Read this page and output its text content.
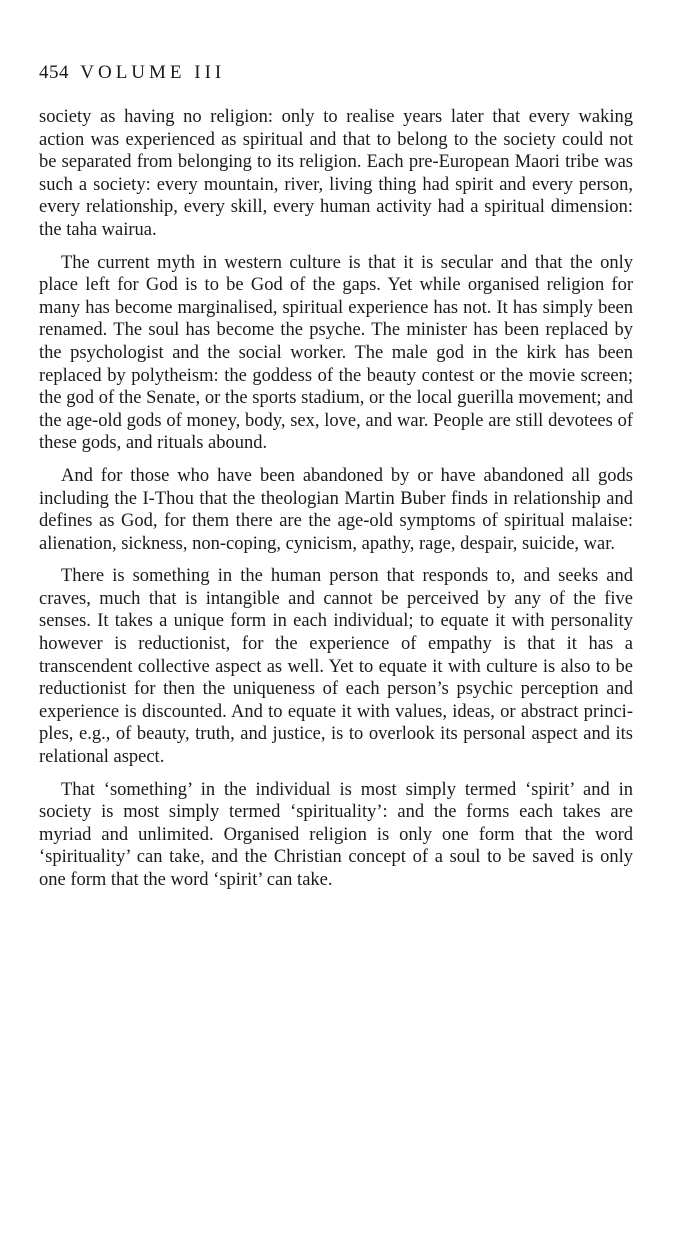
454 VOLUME III

society as having no religion: only to realise years later that every waking action was experienced as spiritual and that to belong to the society could not be separated from belonging to its religion. Each pre-European Maori tribe was such a society: every mountain, river, living thing had spirit and every person, every relationship, every skill, every human activity had a spiritual dimension: the taha wairua.

The current myth in western culture is that it is secular and that the only place left for God is to be God of the gaps. Yet while organised religion for many has become marginalised, spiritual experience has not. It has simply been renamed. The soul has become the psyche. The minister has been replaced by the psychologist and the social worker. The male god in the kirk has been replaced by polytheism: the goddess of the beauty contest or the movie screen; the god of the Senate, or the sports stadium, or the local guerilla movement; and the age-old gods of money, body, sex, love, and war. People are still devotees of these gods, and rituals abound.

And for those who have been abandoned by or have abandoned all gods including the I-Thou that the theologian Martin Buber finds in relationship and defines as God, for them there are the age-old symptoms of spiritual malaise: alienation, sickness, non-coping, cynicism, apathy, rage, despair, suicide, war.

There is something in the human person that responds to, and seeks and craves, much that is intangible and cannot be perceived by any of the five senses. It takes a unique form in each individual; to equate it with personality however is reductionist, for the experience of empathy is that it has a transcendent collective aspect as well. Yet to equate it with culture is also to be reductionist for then the uniqueness of each person’s psychic perception and experience is discounted. And to equate it with values, ideas, or abstract principles, e.g., of beauty, truth, and justice, is to overlook its personal aspect and its relational aspect.

That ‘something’ in the individual is most simply termed ‘spirit’ and in society is most simply termed ‘spirituality’: and the forms each takes are myriad and unlimited. Organised religion is only one form that the word ‘spirituality’ can take, and the Christian concept of a soul to be saved is only one form that the word ‘spirit’ can take.
